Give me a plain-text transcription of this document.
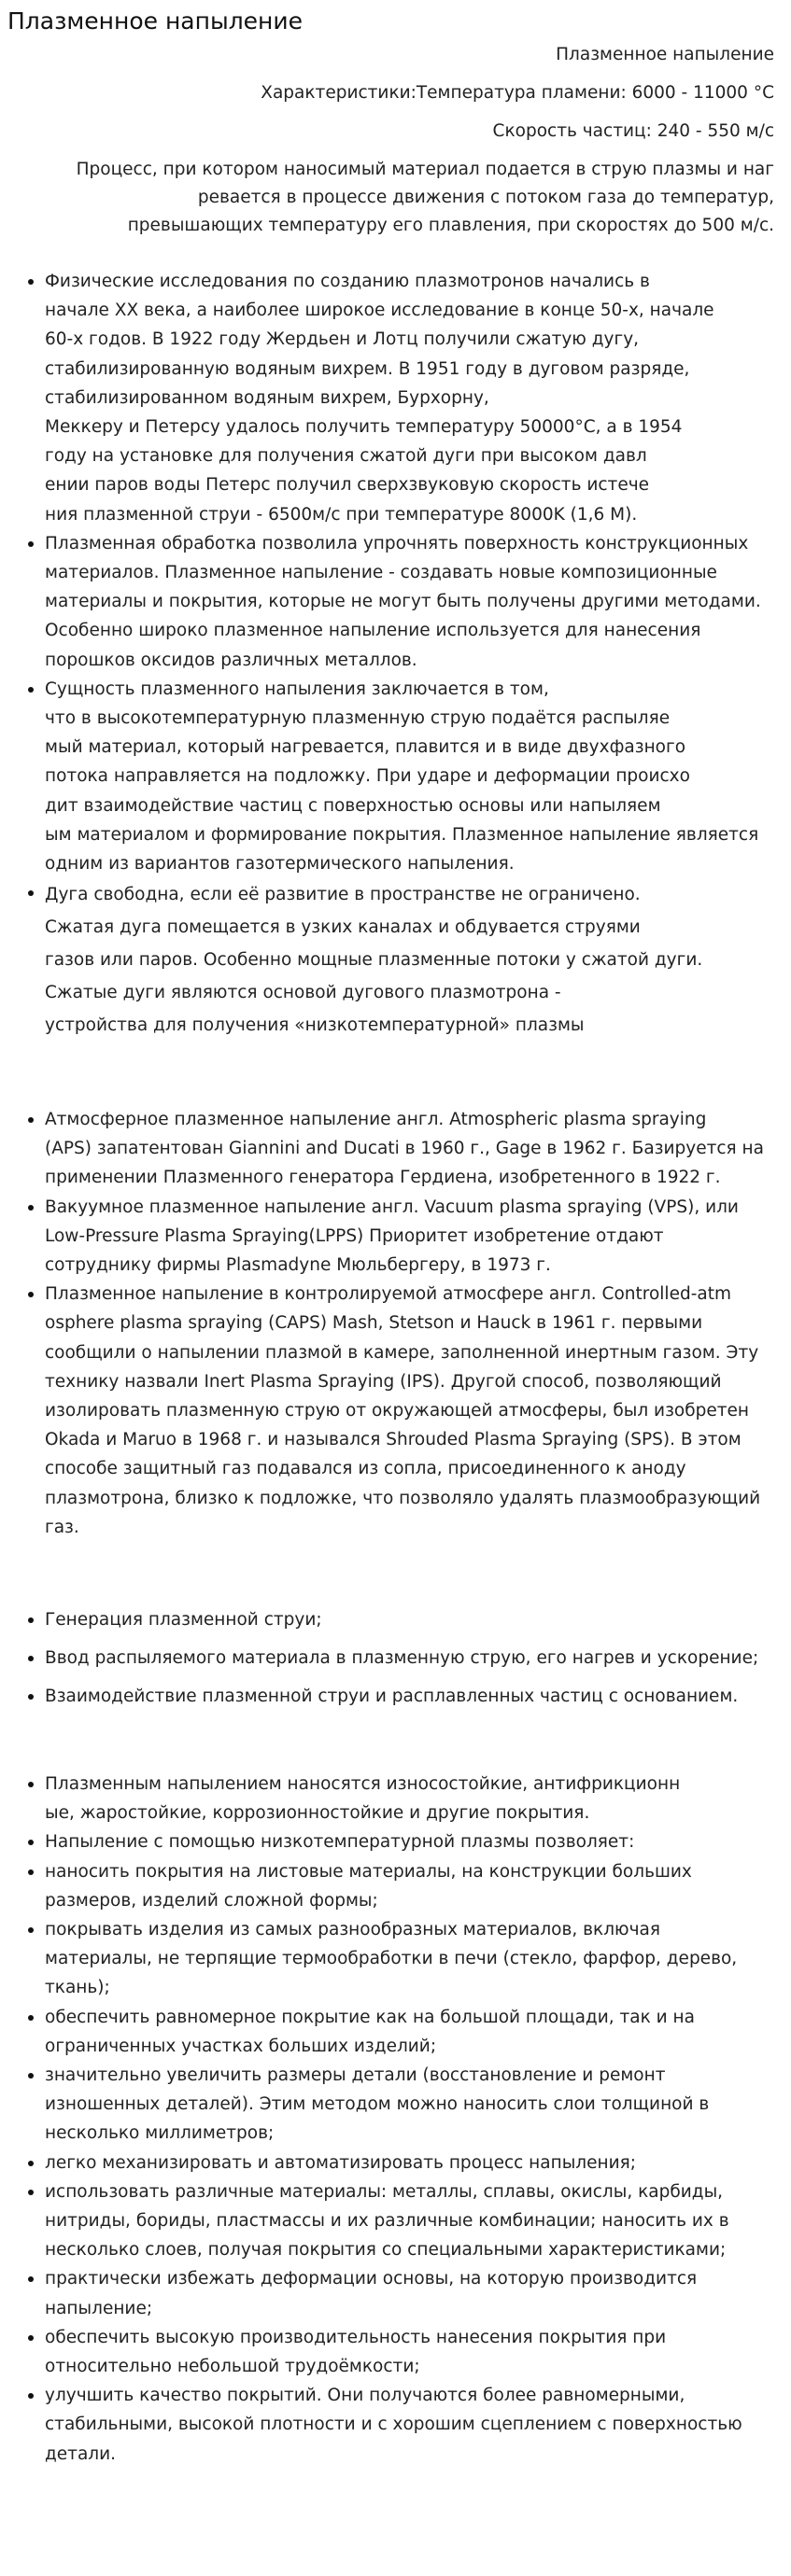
Плазменное напыление

Плазменное напыление

Характеристики:Температура пламени: 6000 - 11000 °C

Скорость частиц: 240 - 550 м/с

Процесс, при котором наносимый материал подается в струю плазмы и наг
ревается в процессе движения с потоком газа до температур,
превышающих температуру его плавления, при скоростях до 500 м/с.

Физические исследования по созданию плазмотронов начались в
начале XX века, а наиболее широкое исследование в конце 50-х, начале
60-х годов. В 1922 году Жердьен и Лотц получили сжатую дугу,
стабилизированную водяным вихрем. В 1951 году в дуговом разряде,
стабилизированном водяным вихрем, Бурхорну,
Меккеру и Петерсу удалось получить температуру 50000°С, а в 1954
году на установке для получения сжатой дуги при высоком давл
ении паров воды Петерс получил сверхзвуковую скорость истече
ния плазменной струи - 6500м/с при температуре 8000K (1,6 M).
Плазменная обработка позволила упрочнять поверхность конструкционных
материалов. Плазменное напыление - создавать новые композиционные
материалы и покрытия, которые не могут быть получены другими методами.
Особенно широко плазменное напыление используется для нанесения
порошков оксидов различных металлов.
Сущность плазменного напыления заключается в том,
что в высокотемпературную плазменную струю подаётся распыляе
мый материал, который нагревается, плавится и в виде двухфазного
потока направляется на подложку. При ударе и деформации происхо
дит взаимодействие частиц с поверхностью основы или напыляем
ым материалом и формирование покрытия. Плазменное напыление является
одним из вариантов газотермического напыления.
Дуга свободна, если её развитие в пространстве не ограничено.
Сжатая дуга помещается в узких каналах и обдувается струями
газов или паров. Особенно мощные плазменные потоки у сжатой дуги.
Сжатые дуги являются основой дугового плазмотрона -
устройства для получения «низкотемпературной» плазмы
Атмосферное плазменное напыление англ. Atmospheric plasma spraying
(APS) запатентован Giannini and Ducati в 1960 г., Gage в 1962 г. Базируется на
применении Плазменного генератора Гердиена, изобретенного в 1922 г.
Вакуумное плазменное напыление англ. Vacuum plasma spraying (VPS), или
Low-Pressure Plasma Spraying(LPPS) Приоритет изобретение отдают
сотруднику фирмы Plasmadyne Мюльбергеру, в 1973 г.
Плазменное напыление в контролируемой атмосфере англ. Controlled-atm
osphere plasma spraying (CAPS) Mash, Stetson и Hauck в 1961 г. первыми
сообщили о напылении плазмой в камере, заполненной инертным газом. Эту
технику назвали Inert Plasma Spraying (IPS). Другой способ, позволяющий
изолировать плазменную струю от окружающей атмосферы, был изобретен
Okada и Maruo в 1968 г. и назывался Shrouded Plasma Spraying (SPS). В этом
способе защитный газ подавался из сопла, присоединенного к аноду
плазмотрона, близко к подложке, что позволяло удалять плазмообразующий
газ.
Генерация плазменной струи;
Ввод распыляемого материала в плазменную струю, его нагрев и ускорение;
Взаимодействие плазменной струи и расплавленных частиц с основанием.
Плазменным напылением наносятся износостойкие, антифрикционн
ые, жаростойкие, коррозионностойкие и другие покрытия.
Напыление с помощью низкотемпературной плазмы позволяет:
наносить покрытия на листовые материалы, на конструкции больших
размеров, изделий сложной формы;
покрывать изделия из самых разнообразных материалов, включая
материалы, не терпящие термообработки в печи (стекло, фарфор, дерево,
ткань);
обеспечить равномерное покрытие как на большой площади, так и на
ограниченных участках больших изделий;
значительно увеличить размеры детали (восстановление и ремонт
изношенных деталей). Этим методом можно наносить слои толщиной в
несколько миллиметров;
легко механизировать и автоматизировать процесс напыления;
использовать различные материалы: металлы, сплавы, окислы, карбиды,
нитриды, бориды, пластмассы и их различные комбинации; наносить их в
несколько слоев, получая покрытия со специальными характеристиками;
практически избежать деформации основы, на которую производится
напыление;
обеспечить высокую производительность нанесения покрытия при
относительно небольшой трудоёмкости;
улучшить качество покрытий. Они получаются более равномерными,
стабильными, высокой плотности и с хорошим сцеплением с поверхностью
детали.
